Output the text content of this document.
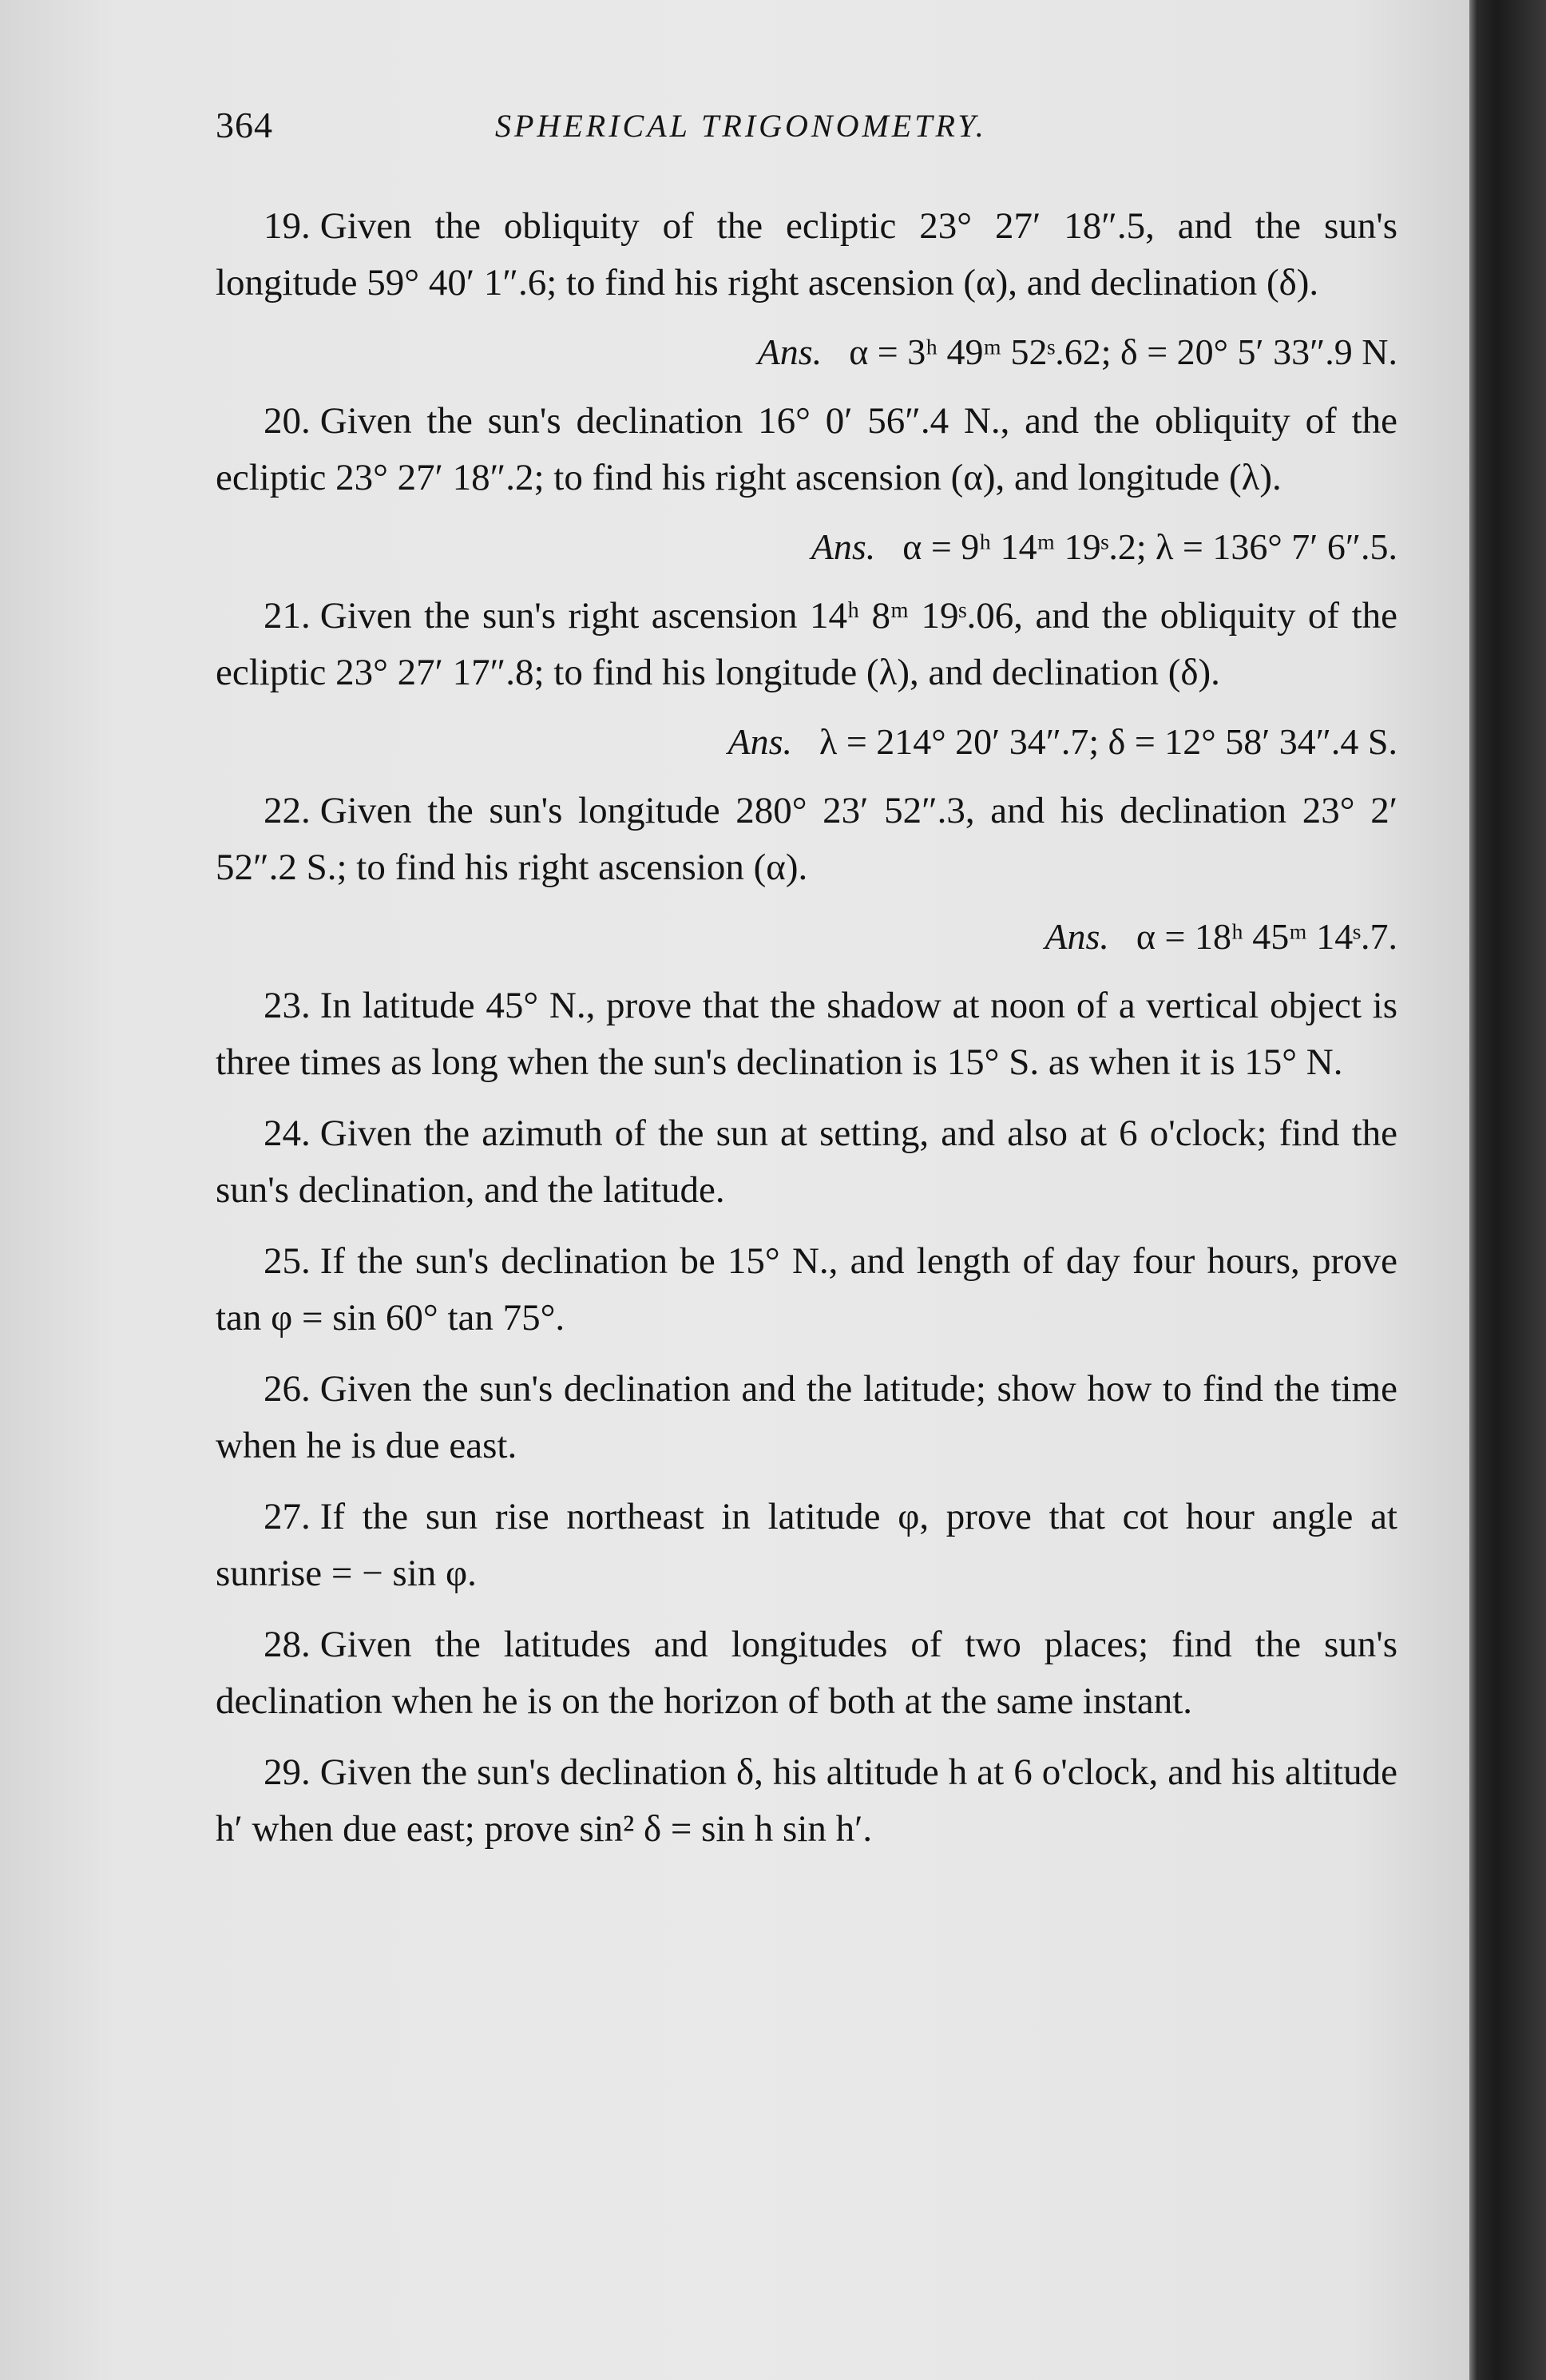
364	SPHERICAL TRIGONOMETRY.

19. Given the obliquity of the ecliptic 23° 27′ 18″.5, and the sun's longitude 59° 40′ 1″.6; to find his right ascension (α), and declination (δ).

Ans. α = 3ʰ 49ᵐ 52ˢ.62; δ = 20° 5′ 33″.9 N.

20. Given the sun's declination 16° 0′ 56″.4 N., and the obliquity of the ecliptic 23° 27′ 18″.2; to find his right ascension (α), and longitude (λ).

Ans. α = 9ʰ 14ᵐ 19ˢ.2; λ = 136° 7′ 6″.5.

21. Given the sun's right ascension 14ʰ 8ᵐ 19ˢ.06, and the obliquity of the ecliptic 23° 27′ 17″.8; to find his longitude (λ), and declination (δ).

Ans. λ = 214° 20′ 34″.7; δ = 12° 58′ 34″.4 S.

22. Given the sun's longitude 280° 23′ 52″.3, and his declination 23° 2′ 52″.2 S.; to find his right ascension (α).

Ans. α = 18ʰ 45ᵐ 14ˢ.7.

23. In latitude 45° N., prove that the shadow at noon of a vertical object is three times as long when the sun's declination is 15° S. as when it is 15° N.

24. Given the azimuth of the sun at setting, and also at 6 o'clock; find the sun's declination, and the latitude.

25. If the sun's declination be 15° N., and length of day four hours, prove tan φ = sin 60° tan 75°.

26. Given the sun's declination and the latitude; show how to find the time when he is due east.

27. If the sun rise northeast in latitude φ, prove that cot hour angle at sunrise = − sin φ.

28. Given the latitudes and longitudes of two places; find the sun's declination when he is on the horizon of both at the same instant.

29. Given the sun's declination δ, his altitude h at 6 o'clock, and his altitude h′ when due east; prove sin² δ = sin h sin h′.
